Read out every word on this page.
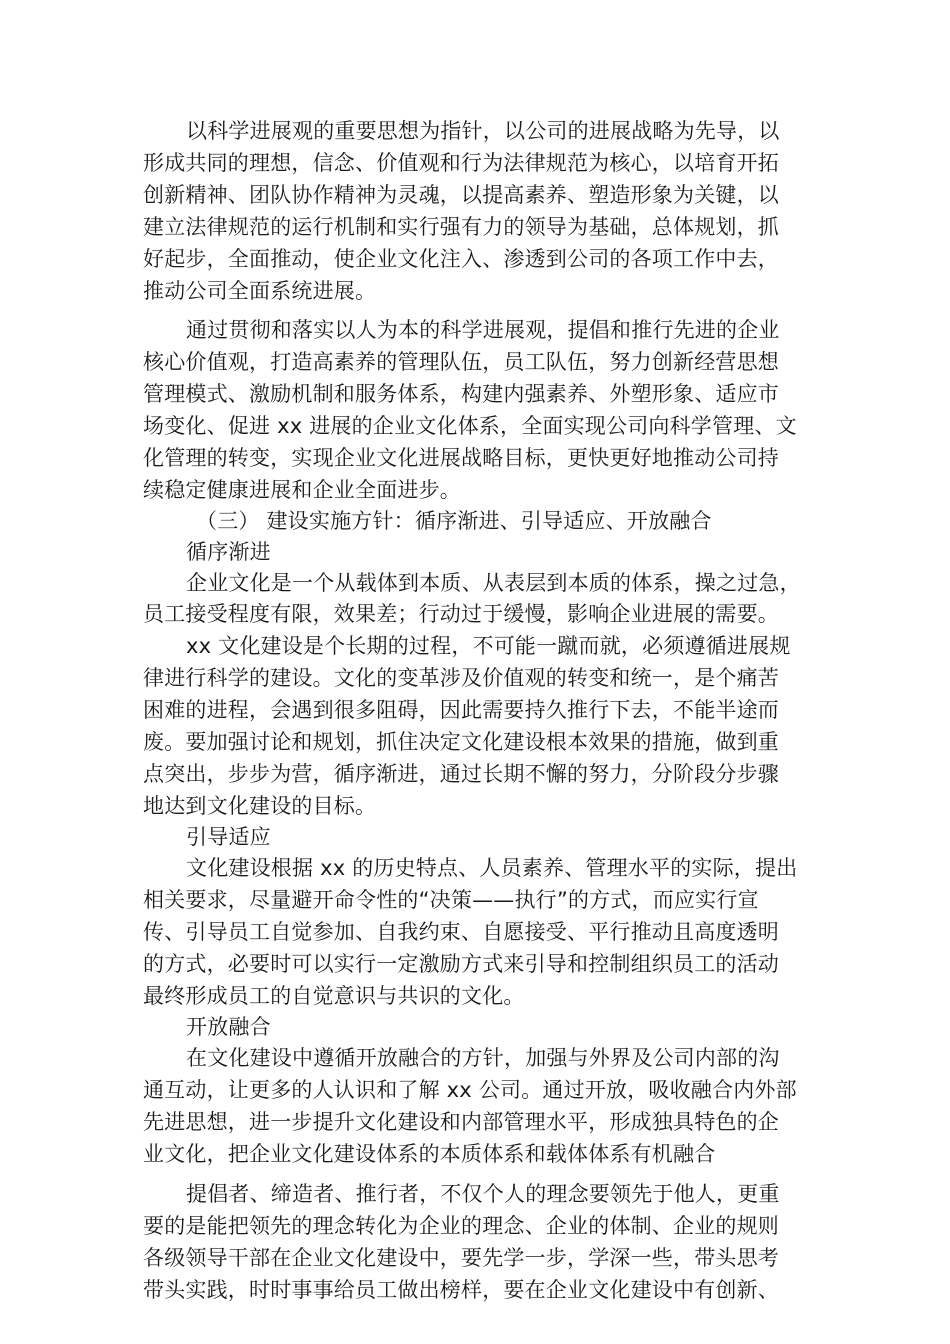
以科学进展观的重要思想为指针，以公司的进展战略为先导，以
形成共同的理想，信念、价值观和行为法律规范为核心，以培育开拓
创新精神、团队协作精神为灵魂，以提高素养、塑造形象为关键，以
建立法律规范的运行机制和实行强有力的领导为基础，总体规划，抓
好起步，全面推动，使企业文化注入、渗透到公司的各项工作中去，
推动公司全面系统进展。
通过贯彻和落实以人为本的科学进展观，提倡和推行先进的企业
核心价值观，打造高素养的管理队伍，员工队伍，努力创新经营思想
管理模式、激励机制和服务体系，构建内强素养、外塑形象、适应市
场变化、促进 xx 进展的企业文化体系，全面实现公司向科学管理、文
化管理的转变，实现企业文化进展战略目标，更快更好地推动公司持
续稳定健康进展和企业全面进步。
（三） 建设实施方针：循序渐进、引导适应、开放融合
循序渐进
企业文化是一个从载体到本质、从表层到本质的体系，操之过急，
员工接受程度有限，效果差；行动过于缓慢，影响企业进展的需要。
xx 文化建设是个长期的过程，不可能一蹴而就，必须遵循进展规
律进行科学的建设。文化的变革涉及价值观的转变和统一，是个痛苦
困难的进程，会遇到很多阻碍，因此需要持久推行下去，不能半途而
废。要加强讨论和规划，抓住决定文化建设根本效果的措施，做到重
点突出，步步为营，循序渐进，通过长期不懈的努力，分阶段分步骤
地达到文化建设的目标。
引导适应
文化建设根据 xx 的历史特点、人员素养、管理水平的实际，提出
相关要求，尽量避开命令性的“决策——执行”的方式，而应实行宣
传、引导员工自觉参加、自我约束、自愿接受、平行推动且高度透明
的方式，必要时可以实行一定激励方式来引导和控制组织员工的活动
最终形成员工的自觉意识与共识的文化。
开放融合
在文化建设中遵循开放融合的方针，加强与外界及公司内部的沟
通互动，让更多的人认识和了解 xx 公司。通过开放，吸收融合内外部
先进思想，进一步提升文化建设和内部管理水平，形成独具特色的企
业文化，把企业文化建设体系的本质体系和载体体系有机融合
提倡者、缔造者、推行者，不仅个人的理念要领先于他人，更重
要的是能把领先的理念转化为企业的理念、企业的体制、企业的规则
各级领导干部在企业文化建设中，要先学一步，学深一些，带头思考
带头实践，时时事事给员工做出榜样，要在企业文化建设中有创新、
